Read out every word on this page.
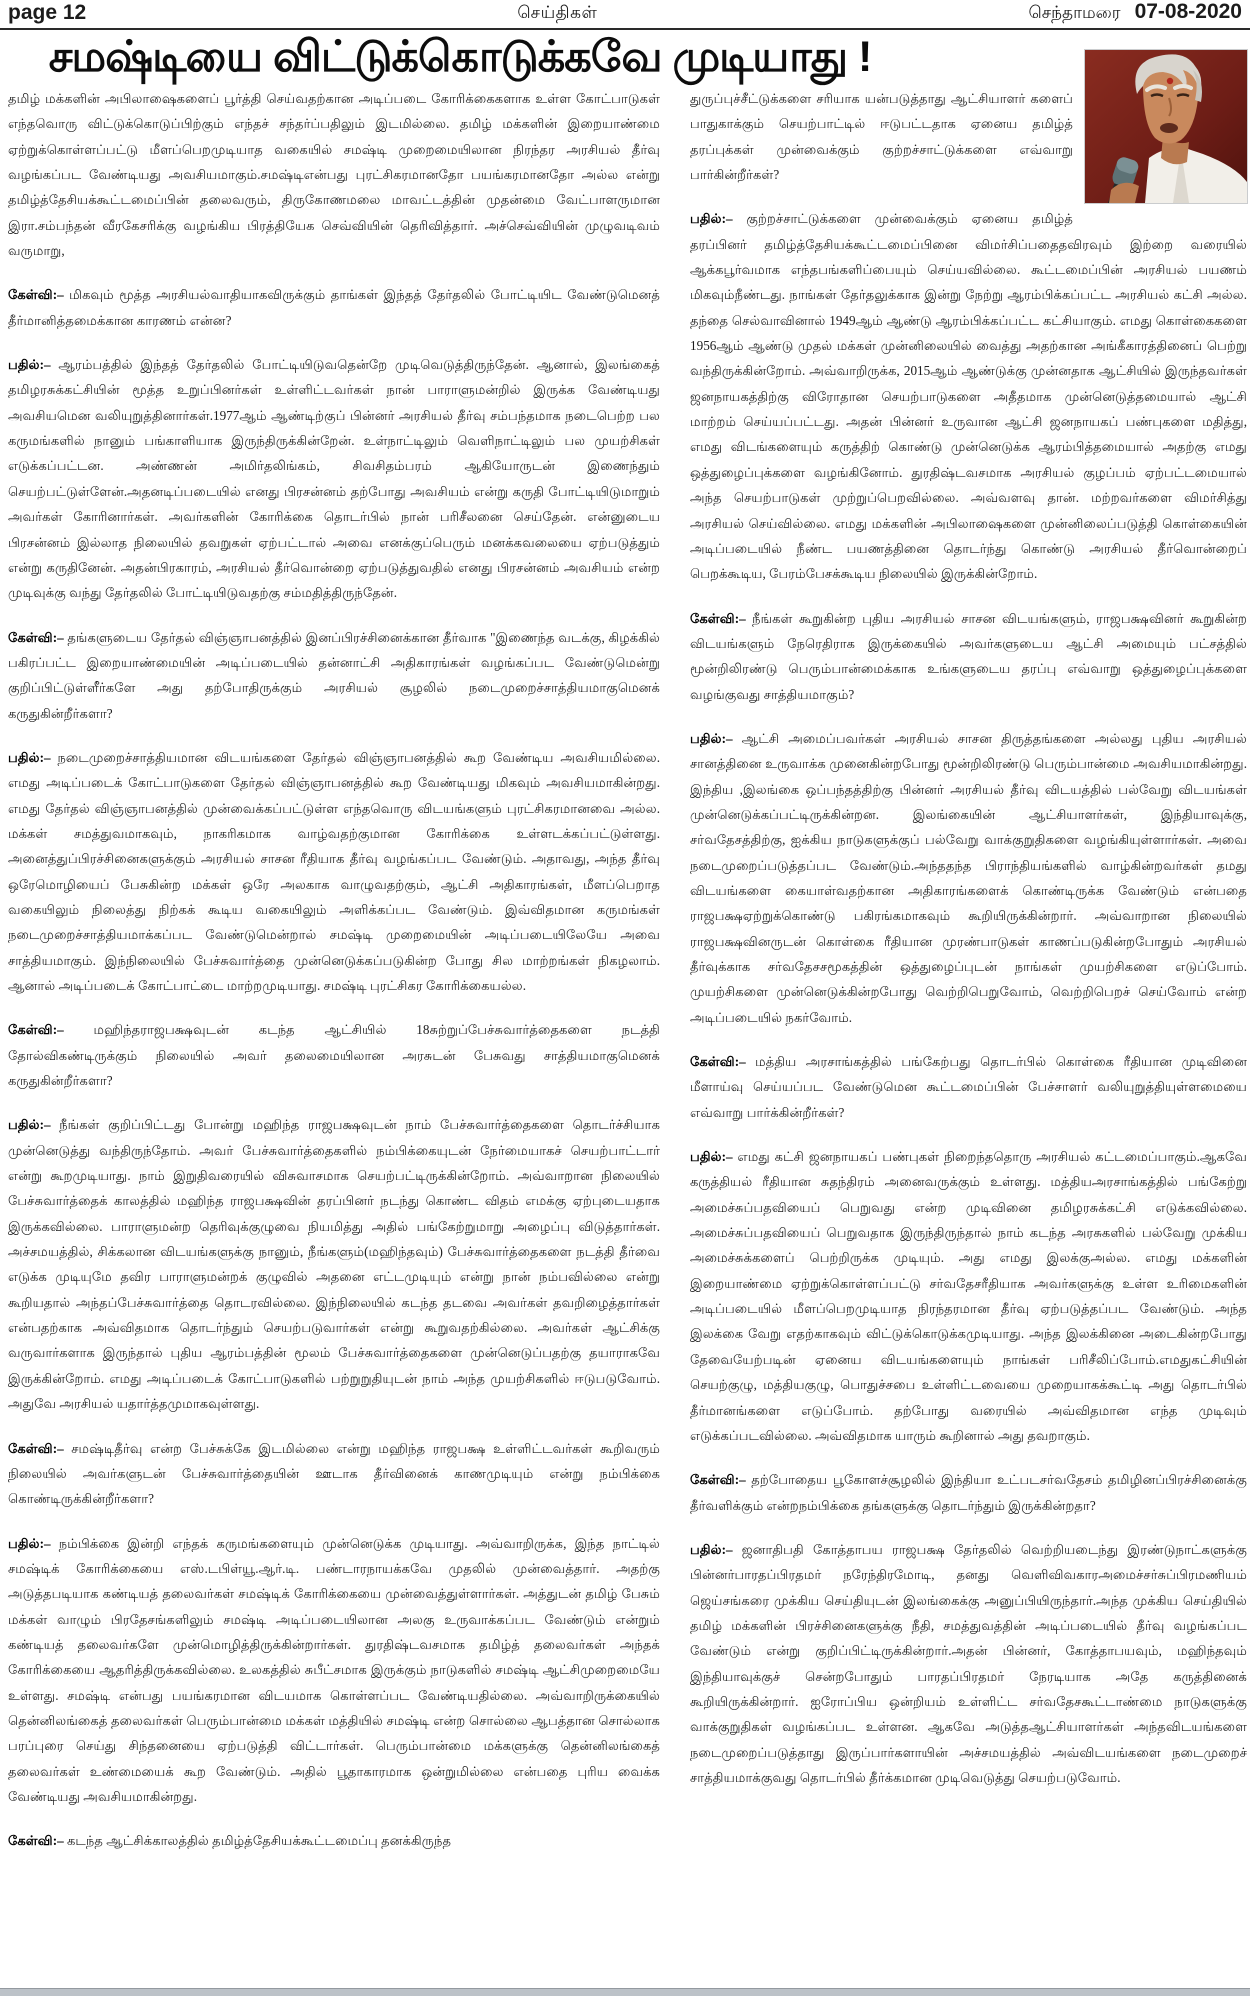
page 12	செய்திகள்	செந்தாமரை 07-08-2020
சமஷ்டியை விட்டுக்கொடுக்கவே முடியாது !

தமிழ் மக்களின் அபிலாஷைகளைப் பூர்த்தி செய்வதற்கான அடிப்படை கோரிக்கைகளாக உள்ள கோட்பாடுகள் எந்தவொரு விட்டுக்கொடுப்பிற்கும் எந்தச் சந்தர்ப்பதிலும் இடமில்லை. தமிழ் மக்களின் இறையாண்மை ஏற்றுக்கொள்ளப்பட்டு மீளப்பெறமுடியாத வகையில் சமஷ்டி முறைமையிலான நிரந்தர அரசியல் தீர்வு வழங்கப்பட வேண்டியது அவசியமாகும்.சமஷ்டிஎன்பது புரட்சிகரமானதோ பயங்கரமானதோ அல்ல என்று தமிழ்த்தேசியக்கூட்டமைப்பின் தலைவரும், திருகோணமலை மாவட்டத்தின் முதன்மை வேட்பாளருமான இரா.சம்பந்தன் வீரகேசரிக்கு வழங்கிய பிரத்தியேக செவ்வியின் தெரிவித்தார். அச்செவ்வியின் முழுவடிவம் வருமாறு,

கேள்வி:– மிகவும் மூத்த அரசியல்வாதியாகவிருக்கும் தாங்கள் இந்தத் தேர்தலில் போட்டியிட வேண்டுமெனத் தீர்மானித்தமைக்கான காரணம் என்ன?

பதில்:– ஆரம்பத்தில் இந்தத் தேர்தலில் போட்டியிடுவதென்றே முடிவெடுத்திருந்தேன். ஆனால், இலங்கைத் தமிழரசுக்கட்சியின் மூத்த உறுப்பினர்கள் உள்ளிட்டவர்கள் நான் பாராளுமன்றில் இருக்க வேண்டியது அவசியமென வலியுறுத்தினார்கள்.1977ஆம் ஆண்டிற்குப் பின்னர் அரசியல் தீர்வு சம்பந்தமாக நடைபெற்ற பல கருமங்களில் நானும் பங்காளியாக இருந்திருக்கின்றேன். உள்நாட்டிலும் வெளிநாட்டிலும் பல முயற்சிகள் எடுக்கப்பட்டன. அண்ணன் அமிர்தலிங்கம், சிவசிதம்பரம் ஆகியோருடன் இணைந்தும் செயற்பட்டுள்ளேன்.அதனடிப்படையில் எனது பிரசன்னம் தற்போது அவசியம் என்று கருதி போட்டியிடுமாறும் அவர்கள் கோரினார்கள். அவர்களின் கோரிக்கை தொடர்பில் நான் பரிசீலனை செய்தேன். என்னுடைய பிரசன்னம் இல்லாத நிலையில் தவறுகள் ஏற்பட்டால் அவை எனக்குப்பெரும் மனக்கவலையை ஏற்படுத்தும் என்று கருதினேன். அதன்பிரகாரம், அரசியல் தீர்வொன்றை ஏற்படுத்துவதில் எனது பிரசன்னம் அவசியம் என்ற முடிவுக்கு வந்து தேர்தலில் போட்டியிடுவதற்கு சம்மதித்திருந்தேன்.

கேள்வி:– தங்களுடைய தேர்தல் விஞ்ஞாபனத்தில் இனப்பிரச்சினைக்கான தீர்வாக "இணைந்த வடக்கு, கிழக்கில் பகிரப்பட்ட இறையாண்மையின் அடிப்படையில் தன்னாட்சி அதிகாரங்கள் வழங்கப்பட வேண்டுமென்று குறிப்பிட்டுள்ளீர்களே அது தற்போதிருக்கும் அரசியல் சூழலில் நடைமுறைச்சாத்தியமாகுமெனக் கருதுகின்றீர்களா?

பதில்:– நடைமுறைச்சாத்தியமான விடயங்களை தேர்தல் விஞ்ஞாபனத்தில் கூற வேண்டிய அவசியமில்லை. எமது அடிப்படைக் கோட்பாடுகளை தேர்தல் விஞ்ஞாபனத்தில் கூற வேண்டியது மிகவும் அவசியமாகின்றது. எமது தேர்தல் விஞ்ஞாபனத்தில் முன்வைக்கப்பட்டுள்ள எந்தவொரு விடயங்களும் புரட்சிகரமானவை அல்ல. மக்கள் சமத்துவமாகவும், நாகரிகமாக வாழ்வதற்குமான கோரிக்கை உள்ளடக்கப்பட்டுள்ளது. அனைத்துப்பிரச்சினைகளுக்கும் அரசியல் சாசன ரீதியாக தீர்வு வழங்கப்பட வேண்டும். அதாவது, அந்த தீர்வு ஒரேமொழியைப் பேசுகின்ற மக்கள் ஒரே அலகாக வாழுவதற்கும், ஆட்சி அதிகாரங்கள், மீளப்பெறாத வகையிலும் நிலைத்து நிற்கக் கூடிய வகையிலும் அளிக்கப்பட வேண்டும். இவ்விதமான கருமங்கள் நடைமுறைச்சாத்தியமாக்கப்பட வேண்டுமென்றால் சமஷ்டி முறைமையின் அடிப்படையிலேயே அவை சாத்தியமாகும். இந்நிலையில் பேச்சுவார்த்தை முன்னெடுக்கப்படுகின்ற போது சில மாற்றங்கள் நிகழலாம். ஆனால் அடிப்படைக் கோட்பாட்டை மாற்றமுடியாது. சமஷ்டி புரட்சிகர கோரிக்கையல்ல.

கேள்வி:– மஹிந்தராஜபக்ஷவுடன் கடந்த ஆட்சியில் 18சுற்றுப்பேச்சுவார்த்தைகளை நடத்தி தோல்விகண்டிருக்கும் நிலையில் அவர் தலைமையிலான அரசுடன் பேசுவது சாத்தியமாகுமெனக் கருதுகின்றீர்களா?

பதில்:– நீங்கள் குறிப்பிட்டது போன்று மஹிந்த ராஜபக்ஷவுடன் நாம் பேச்சுவார்த்தைகளை தொடர்ச்சியாக முன்னெடுத்து வந்திருந்தோம். அவர் பேச்சுவார்த்தைகளில் நம்பிக்கையுடன் நேர்மையாகச் செயற்பாட்டார் என்று கூறமுடியாது. நாம் இறுதிவரையில் விசுவாசமாக செயற்பட்டிருக்கின்றோம். அவ்வாறான நிலையில் பேச்சுவார்த்தைக் காலத்தில் மஹிந்த ராஜபக்ஷவின் தரப்பினர் நடந்து கொண்ட விதம் எமக்கு ஏற்புடையதாக இருக்கவில்லை. பாராளுமன்ற தெரிவுக்குழுவை நியமித்து அதில் பங்கேற்றுமாறு அழைப்பு விடுத்தார்கள். அச்சமயத்தில், சிக்கலான விடயங்களுக்கு நானும், நீங்களும்(மஹிந்தவும்) பேச்சுவார்த்தைகளை நடத்தி தீர்வை எடுக்க முடியுமே தவிர பாராளுமன்றக் குழுவில் அதனை எட்டமுடியும் என்று நான் நம்பவில்லை என்று கூறியதால் அந்தப்பேச்சுவார்த்தை தொடரவில்லை. இந்நிலையில் கடந்த தடவை அவர்கள் தவறிழைத்தார்கள் என்பதற்காக அவ்விதமாக தொடர்ந்தும் செயற்படுவார்கள் என்று கூறுவதற்கில்லை. அவர்கள் ஆட்சிக்கு வருவார்களாக இருந்தால் புதிய ஆரம்பத்தின் மூலம் பேச்சுவார்த்தைகளை முன்னெடுப்பதற்கு தயாராகவே இருக்கின்றோம். எமது அடிப்படைக் கோட்பாடுகளில் பற்றுறுதியுடன் நாம் அந்த முயற்சிகளில் ஈடுபடுவோம். அதுவே அரசியல் யதார்த்தமுமாகவுள்ளது.

கேள்வி:– சமஷ்டிதீர்வு என்ற பேச்சுக்கே இடமில்லை என்று மஹிந்த ராஜபக்ஷ உள்ளிட்டவர்கள் கூறிவரும் நிலையில் அவர்களுடன் பேச்சுவார்த்தையின் ஊடாக தீர்வினைக் காணமுடியும் என்று நம்பிக்கை கொண்டிருக்கின்றீர்களா?

பதில்:– நம்பிக்கை இன்றி எந்தக் கருமங்களையும் முன்னெடுக்க முடியாது. அவ்வாறிருக்க, இந்த நாட்டில் சமஷ்டிக் கோரிக்கையை எஸ்.டபிள்யூ.ஆர்.டி. பண்டாரநாயக்கவே முதலில் முன்வைத்தார். அதற்கு அடுத்தபடியாக கண்டியத் தலைவர்கள் சமஷ்டிக் கோரிக்கையை முன்வைத்துள்ளார்கள். அத்துடன் தமிழ் பேசும் மக்கள் வாழும் பிரதேசங்களிலும் சமஷ்டி அடிப்படையிலான அலகு உருவாக்கப்பட வேண்டும் என்றும் கண்டியத் தலைவர்களே முன்மொழித்திருக்கின்றார்கள். துரதிஷ்டவசமாக தமிழ்த் தலைவர்கள் அந்தக் கோரிக்கையை ஆதரித்திருக்கவில்லை. உலகத்தில் சுபீட்சமாக இருக்கும் நாடுகளில் சமஷ்டி ஆட்சிமுறைமையே உள்ளது. சமஷ்டி என்பது பயங்கரமான விடயமாக கொள்ளப்பட வேண்டியதில்லை. அவ்வாறிருக்கையில் தென்னிலங்கைத் தலைவர்கள் பெரும்பான்மை மக்கள் மத்தியில் சமஷ்டி என்ற சொல்லை ஆபத்தான சொல்லாக பரப்புரை செய்து சிந்தனையை ஏற்படுத்தி விட்டார்கள். பெரும்பான்மை மக்களுக்கு தென்னிலங்கைத் தலைவர்கள் உண்மையைக் கூற வேண்டும். அதில் பூதாகாரமாக ஒன்றுமில்லை என்பதை புரிய வைக்க வேண்டியது அவசியமாகின்றது.

கேள்வி:– கடந்த ஆட்சிக்காலத்தில் தமிழ்த்தேசியக்கூட்டமைப்பு தனக்கிருந்த

துருப்புச்சீட்டுக்களை சரியாக யன்படுத்தாது ஆட்சியாளர் களைப் பாதுகாக்கும் செயற்பாட்டில் ஈடுபட்டதாக ஏனைய தமிழ்த் தரப்புக்கள் முன்வைக்கும் குற்றச்சாட்டுக்களை எவ்வாறு பார்கின்றீர்கள்?

பதில்:– குற்றச்சாட்டுக்களை முன்வைக்கும் ஏனைய தமிழ்த் தரப்பினர் தமிழ்த்தேசியக்கூட்டமைப்பினை விமர்சிப்பதைதவிரவும் இற்றை வரையில் ஆக்கபூர்வமாக எந்தபங்களிப்பையும் செய்யவில்லை. கூட்டமைப்பின் அரசியல் பயணம் மிகவும்நீண்டது. நாங்கள் தேர்தலுக்காக இன்று நேற்று ஆரம்பிக்கப்பட்ட அரசியல் கட்சி அல்ல. தந்தை செல்வாவினால் 1949ஆம் ஆண்டு ஆரம்பிக்கப்பட்ட கட்சியாகும். எமது கொள்கைகளை 1956ஆம் ஆண்டு முதல் மக்கள் முன்னிலையில் வைத்து அதற்கான அங்கீகாரத்தினைப் பெற்று வந்திருக்கின்றோம். அவ்வாறிருக்க, 2015ஆம் ஆண்டுக்கு முன்னதாக ஆட்சியில் இருந்தவர்கள் ஜனநாயகத்திற்கு விரோதான செயற்பாடுகளை அதீதமாக முன்னெடுத்தமையால் ஆட்சி மாற்றம் செய்யப்பட்டது. அதன் பின்னர் உருவான ஆட்சி ஜனநாயகப் பண்புகளை மதித்து, எமது விடங்களையும் கருத்திற் கொண்டு முன்னெடுக்க ஆரம்பித்தமையால் அதற்கு எமது ஒத்துழைப்புக்களை வழங்கினோம். துரதிஷ்டவசமாக அரசியல் குழப்பம் ஏற்பட்டமையால் அந்த செயற்பாடுகள் முற்றுப்பெறவில்லை. அவ்வளவு தான். மற்றவர்களை விமர்சித்து அரசியல் செய்வில்லை. எமது மக்களின் அபிலாஷைகளை முன்னிலைப்படுத்தி கொள்கையின் அடிப்படையில் நீண்ட பயணத்தினை தொடர்ந்து கொண்டு அரசியல் தீர்வொன்றைப் பெறக்கூடிய, பேரம்பேசக்கூடிய நிலையில் இருக்கின்றோம்.

கேள்வி:– நீங்கள் கூறுகின்ற புதிய அரசியல் சாசன விடயங்களும், ராஜபக்ஷவினர் கூறுகின்ற விடயங்களும் நேரெதிராக இருக்கையில் அவர்களுடைய ஆட்சி அமையும் பட்சத்தில் மூன்றிலிரண்டு பெரும்பான்மைக்காக உங்களுடைய தரப்பு எவ்வாறு ஒத்துழைப்புக்களை வழங்குவது சாத்தியமாகும்?

பதில்:– ஆட்சி அமைப்பவர்கள் அரசியல் சாசன திருத்தங்களை அல்லது புதிய அரசியல் சானத்தினை உருவாக்க முனைகின்றபோது மூன்றிலிரண்டு பெரும்பான்மை அவசியமாகின்றது. இந்திய ,இலங்கை ஒப்பந்தத்திற்கு பின்னர் அரசியல் தீர்வு விடயத்தில் பல்வேறு விடயங்கள் முன்னெடுக்கப்பட்டிருக்கின்றன. இலங்கையின் ஆட்சியாளர்கள், இந்தியாவுக்கு, சர்வதேசத்திற்கு, ஐக்கிய நாடுகளுக்குப் பல்வேறு வாக்குறுதிகளை வழங்கியுள்ளார்கள். அவை நடைமுறைப்படுத்தப்பட வேண்டும்.அந்ததந்த பிராந்தியங்களில் வாழ்கின்றவர்கள் தமது விடயங்களை கையாள்வதற்கான அதிகாரங்களைக் கொண்டிருக்க வேண்டும் என்பதை ராஜபக்ஷஏற்றுக்கொண்டு பகிரங்கமாகவும் கூறியிருக்கின்றார். அவ்வாறான நிலையில் ராஜபக்ஷவினருடன் கொள்கை ரீதியான முரண்பாடுகள் காணப்படுகின்றபோதும் அரசியல் தீர்வுக்காக சர்வதேசசமூகத்தின் ஒத்துழைப்புடன் நாங்கள் முயற்சிகளை எடுப்போம். முயற்சிகளை முன்னெடுக்கின்றபோது வெற்றிபெறுவோம், வெற்றிபெறச் செய்வோம் என்ற அடிப்படையில் நகர்வோம்.

கேள்வி:– மத்திய அரசாங்கத்தில் பங்கேற்பது தொடர்பில் கொள்கை ரீதியான முடிவினை மீளாய்வு செய்யப்பட வேண்டுமென கூட்டமைப்பின் பேச்சாளர் வலியுறுத்தியுள்ளமையை எவ்வாறு பார்க்கின்றீர்கள்?

பதில்:– எமது கட்சி ஜனநாயகப் பண்புகள் நிறைந்ததொரு அரசியல் கட்டமைப்பாகும்.ஆகவே கருத்தியல் ரீதியான சுதந்திரம் அனைவருக்கும் உள்ளது. மத்தியஅரசாங்கத்தில் பங்கேற்று அமைச்சுப்பதவியைப் பெறுவது என்ற முடிவினை தமிழரசுக்கட்சி எடுக்கவில்லை. அமைச்சுப்பதவியைப் பெறுவதாக இருந்திருந்தால் நாம் கடந்த அரசுகளில் பல்வேறு முக்கிய அமைச்சுக்களைப் பெற்றிருக்க முடியும். அது எமது இலக்குஅல்ல. எமது மக்களின் இறையாண்மை ஏற்றுக்கொள்ளப்பட்டு சர்வதேசரீதியாக அவர்களுக்கு உள்ள உரிமைகளின் அடிப்படையில் மீளப்பெறமுடியாத நிரந்தரமான தீர்வு ஏற்படுத்தப்பட வேண்டும். அந்த இலக்கை வேறு எதற்காகவும் விட்டுக்கொடுக்கமுடியாது. அந்த இலக்கினை அடைகின்றபோது தேவையேற்படின் ஏனைய விடயங்களையும் நாங்கள் பரிசீலிப்போம்.எமதுகட்சியின் செயற்குழு, மத்தியகுழு, பொதுச்சபை உள்ளிட்டவையை முறையாகக்கூட்டி அது தொடர்பில் தீர்மானங்களை எடுப்போம். தற்போது வரையில் அவ்விதமான எந்த முடிவும் எடுக்கப்படவில்லை. அவ்விதமாக யாரும் கூறினால் அது தவறாகும்.

கேள்வி:– தற்போதைய பூகோளச்சூழலில் இந்தியா உட்படசர்வதேசம் தமிழினப்பிரச்சினைக்கு தீர்வளிக்கும் என்றநம்பிக்கை தங்களுக்கு தொடர்ந்தும் இருக்கின்றதா?

பதில்:– ஜனாதிபதி கோத்தாபய ராஜபக்ஷ தேர்தலில் வெற்றியடைந்து இரண்டுநாட்களுக்கு பின்னர்பாரதப்பிரதமர் நரேந்திரமோடி, தனது வெளிவிவகாரஅமைச்சர்சுப்பிரமணியம் ஜெய்சங்கரை முக்கிய செய்தியுடன் இலங்கைக்கு அனுப்பியிருந்தார்.அந்த முக்கிய செய்தியில் தமிழ் மக்களின் பிரச்சினைகளுக்கு நீதி, சமத்துவத்தின் அடிப்படையில் தீர்வு வழங்கப்பட வேண்டும் என்று குறிப்பிட்டிருக்கின்றார்.அதன் பின்னர், கோத்தாபயவும், மஹிந்தவும் இந்தியாவுக்குச் சென்றபோதும் பாரதப்பிரதமர் நேரடியாக அதே கருத்தினைக் கூறியிருக்கின்றார். ஐரோப்பிய ஒன்றியம் உள்ளிட்ட சர்வதேசகூட்டாண்மை நாடுகளுக்கு வாக்குறுதிகள் வழங்கப்பட உள்ளன. ஆகவே அடுத்தஆட்சியாளர்கள் அந்தவிடயங்களை நடைமுறைப்படுத்தாது இருப்பார்களாயின் அச்சமயத்தில் அவ்விடயங்களை நடைமுறைச் சாத்தியமாக்குவது தொடர்பில் தீர்க்கமான முடிவெடுத்து செயற்படுவோம்.
